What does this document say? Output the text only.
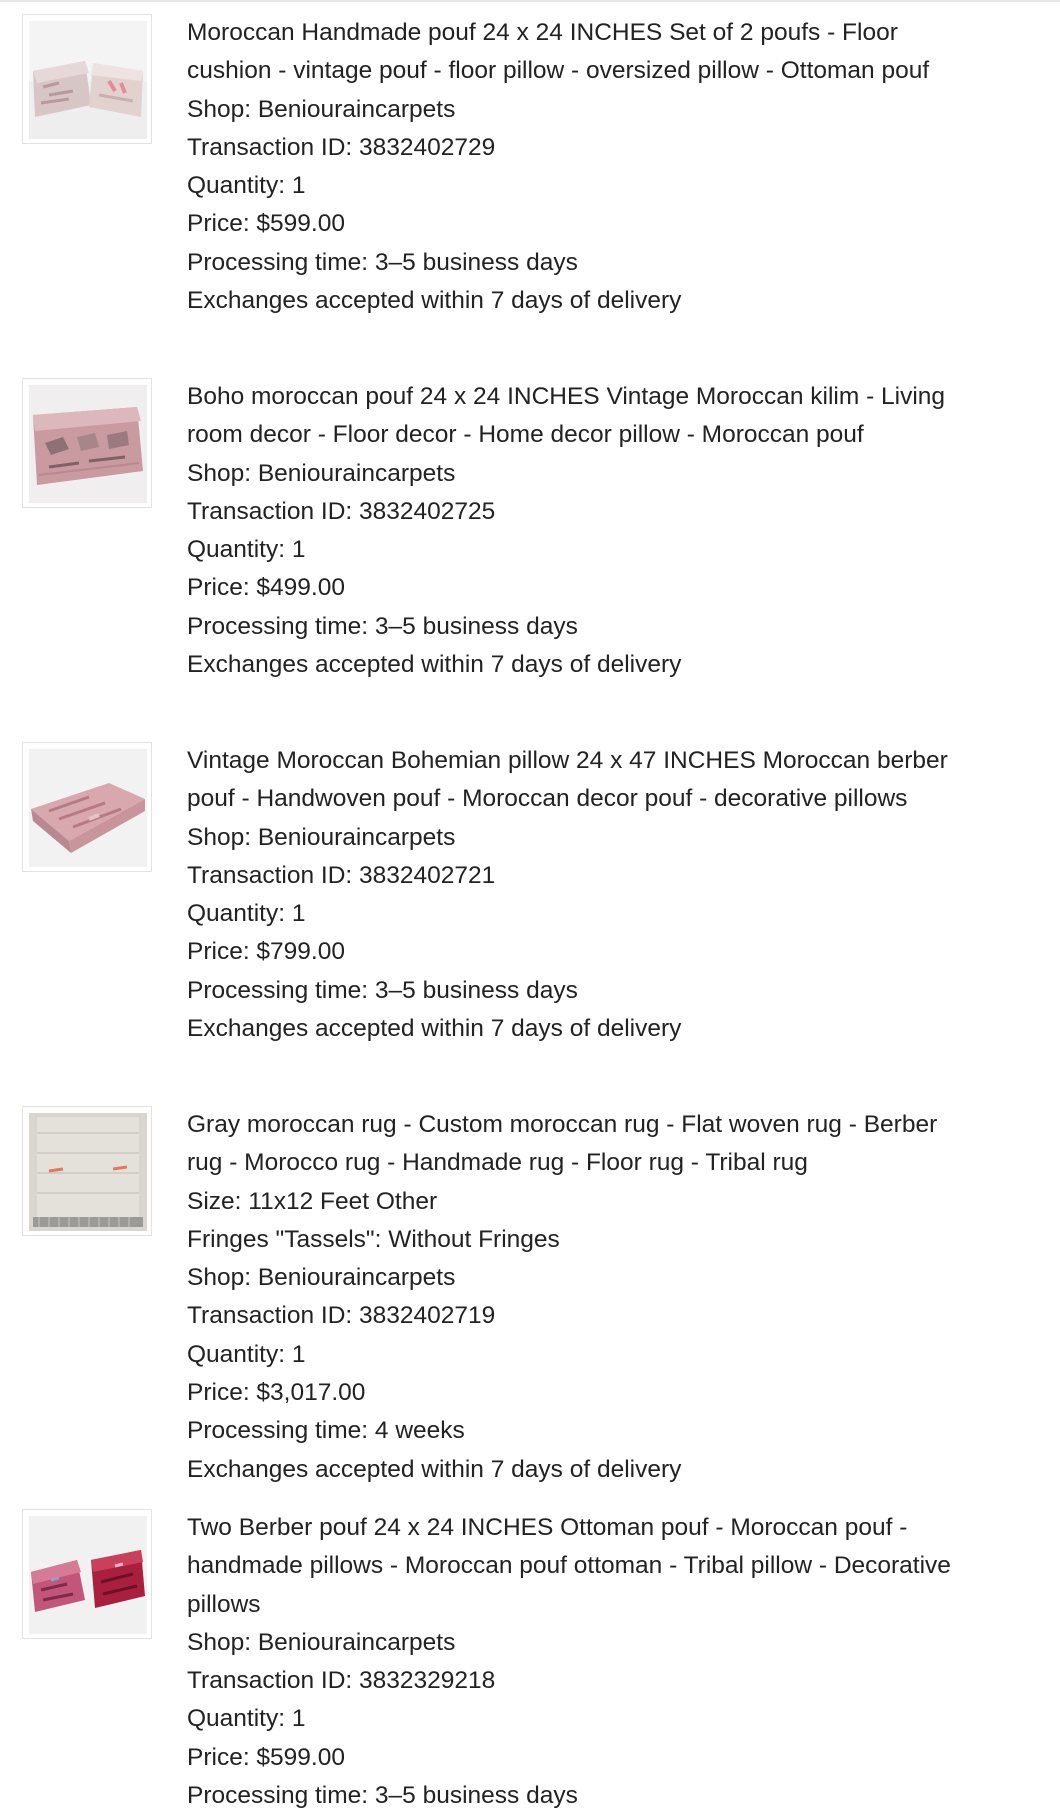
Moroccan Handmade pouf 24 x 24 INCHES Set of 2 poufs - Floor cushion - vintage pouf - floor pillow - oversized pillow - Ottoman pouf
Shop: Beniouraincarpets
Transaction ID: 3832402729
Quantity: 1
Price: $599.00
Processing time: 3–5 business days
Exchanges accepted within 7 days of delivery
Boho moroccan pouf 24 x 24 INCHES Vintage Moroccan kilim - Living room decor - Floor decor - Home decor pillow - Moroccan pouf
Shop: Beniouraincarpets
Transaction ID: 3832402725
Quantity: 1
Price: $499.00
Processing time: 3–5 business days
Exchanges accepted within 7 days of delivery
Vintage Moroccan Bohemian pillow 24 x 47 INCHES Moroccan berber pouf - Handwoven pouf - Moroccan decor pouf - decorative pillows
Shop: Beniouraincarpets
Transaction ID: 3832402721
Quantity: 1
Price: $799.00
Processing time: 3–5 business days
Exchanges accepted within 7 days of delivery
Gray moroccan rug - Custom moroccan rug - Flat woven rug - Berber rug - Morocco rug - Handmade rug - Floor rug - Tribal rug
Size: 11x12 Feet Other
Fringes "Tassels": Without Fringes
Shop: Beniouraincarpets
Transaction ID: 3832402719
Quantity: 1
Price: $3,017.00
Processing time: 4 weeks
Exchanges accepted within 7 days of delivery
Two Berber pouf 24 x 24 INCHES Ottoman pouf - Moroccan pouf - handmade pillows - Moroccan pouf ottoman - Tribal pillow - Decorative pillows
Shop: Beniouraincarpets
Transaction ID: 3832329218
Quantity: 1
Price: $599.00
Processing time: 3–5 business days
